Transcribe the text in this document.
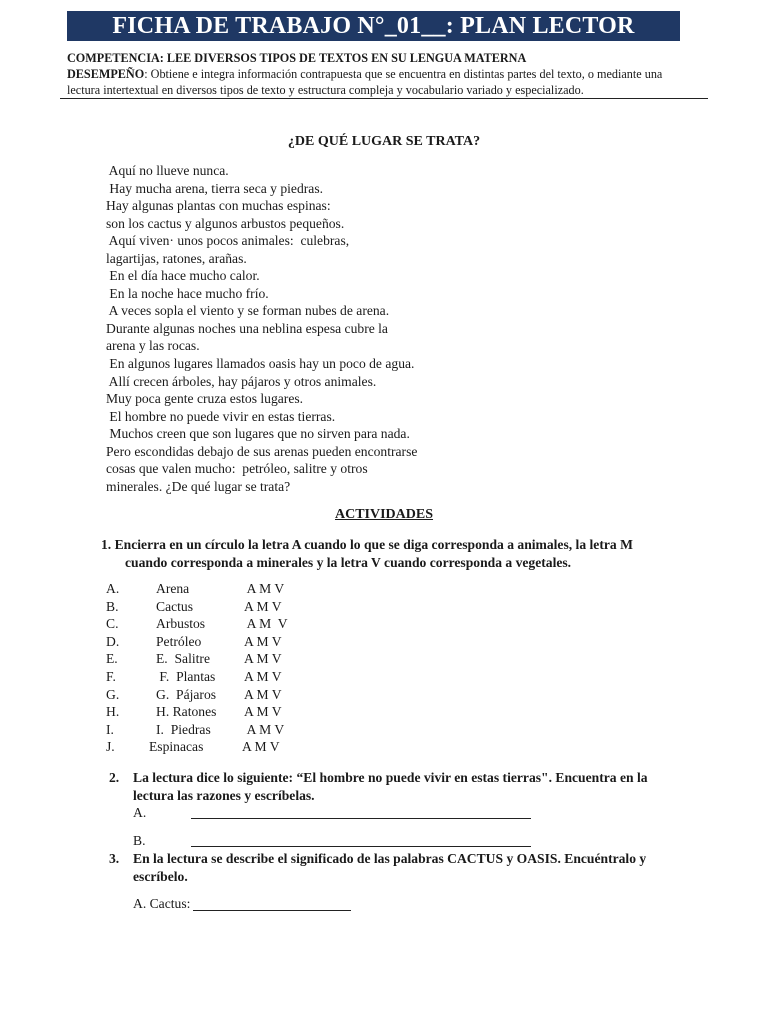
FICHA DE TRABAJO N°_01__: PLAN LECTOR
COMPETENCIA: LEE DIVERSOS TIPOS DE TEXTOS EN SU LENGUA MATERNA
DESEMPEÑO: Obtiene e integra información contrapuesta que se encuentra en distintas partes del texto, o mediante una lectura intertextual en diversos tipos de texto y estructura compleja y vocabulario variado y especializado.
¿DE QUÉ LUGAR SE TRATA?
Aquí no llueve nunca.
Hay mucha arena, tierra seca y piedras.
Hay algunas plantas con muchas espinas:
son los cactus y algunos arbustos pequeños.
Aquí viven· unos pocos animales:  culebras,
lagartijas, ratones, arañas.
En el día hace mucho calor.
En la noche hace mucho frío.
A veces sopla el viento y se forman nubes de arena.
Durante algunas noches una neblina espesa cubre la
arena y las rocas.
En algunos lugares llamados oasis hay un poco de agua.
Allí crecen árboles, hay pájaros y otros animales.
Muy poca gente cruza estos lugares.
El hombre no puede vivir en estas tierras.
Muchos creen que son lugares que no sirven para nada.
Pero escondidas debajo de sus arenas pueden encontrarse
cosas que valen mucho:  petróleo, salitre y otros
minerales. ¿De qué lugar se trata?
ACTIVIDADES
1. Encierra en un círculo la letra A cuando lo que se diga corresponda a animales, la letra M
cuando corresponda a minerales y la letra V cuando corresponda a vegetales.
A.	Arena	A M V
B.	Cactus	A M V
C.	Arbustos	A M  V
D.	Petróleo	A M V
E.	E.  Salitre	A M V
F.	F.  Plantas A M V
G.	G.  Pájaros A M V
H.	H. Ratones A M V
I.	I.  Piedras A M V
J.	Espinacas	A M V
2. La lectura dice lo siguiente: “El hombre no puede vivir en estas tierras". Encuentra en la lectura las razones y escríbelas.
A.
B.
3. En la lectura se describe el significado de las palabras CACTUS y OASIS. Encuéntralo y escríbelo.
A. Cactus:
